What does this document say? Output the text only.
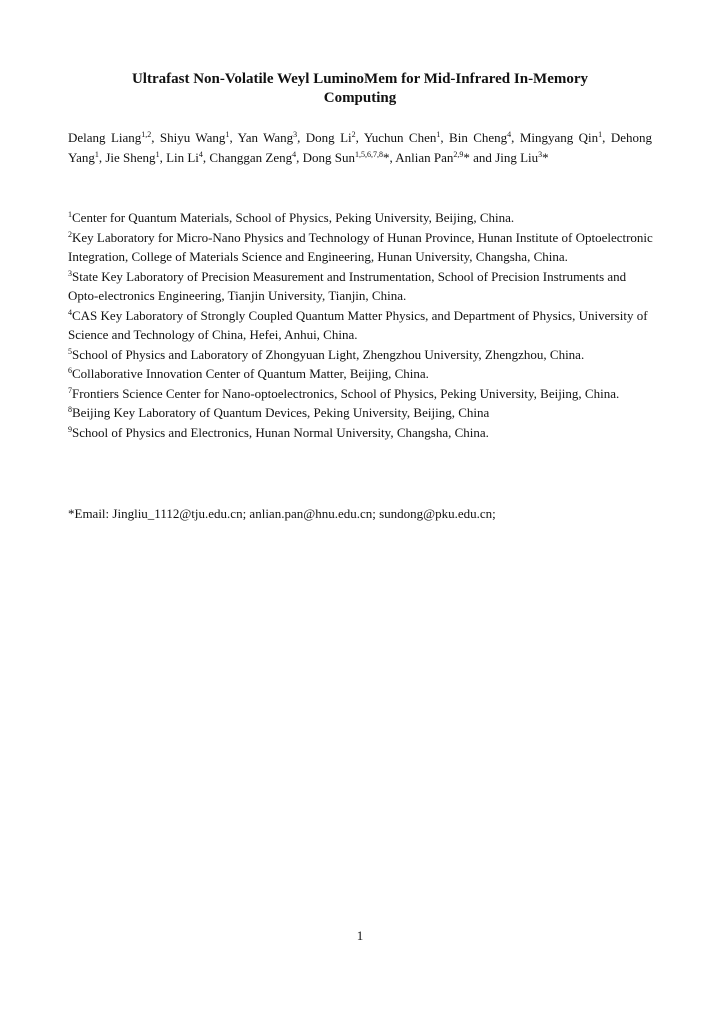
Ultrafast Non-Volatile Weyl LuminoMem for Mid-Infrared In-Memory
Computing
Delang Liang$^{1,2}$, Shiyu Wang$^1$, Yan Wang$^3$, Dong Li$^2$, Yuchun Chen$^1$, Bin Cheng$^4$, Mingyang Qin$^1$, Dehong Yang$^1$, Jie Sheng$^1$, Lin Li$^4$, Changgan Zeng$^4$, Dong Sun$^{1,5,6,7,8}$*, Anlian Pan$^{2,9}$* and Jing Liu$^3$*

$^1$Center for Quantum Materials, School of Physics, Peking University, Beijing, China.

$^2$Key Laboratory for Micro-Nano Physics and Technology of Hunan Province, Hunan Institute of Optoelectronic Integration, College of Materials Science and Engineering, Hunan University, Changsha, China.

$^3$State Key Laboratory of Precision Measurement and Instrumentation, School of Precision Instruments and Opto-electronics Engineering, Tianjin University, Tianjin, China.

$^4$CAS Key Laboratory of Strongly Coupled Quantum Matter Physics, and Department of Physics, University of Science and Technology of China, Hefei, Anhui, China.

$^5$School of Physics and Laboratory of Zhongyuan Light, Zhengzhou University, Zhengzhou, China.

$^6$Collaborative Innovation Center of Quantum Matter, Beijing, China.

$^7$Frontiers Science Center for Nano-optoelectronics, School of Physics, Peking University, Beijing, China.

$^8$Beijing Key Laboratory of Quantum Devices, Peking University, Beijing, China

$^9$School of Physics and Electronics, Hunan Normal University, Changsha, China.

*Email: Jingliu_1112@tju.edu.cn; anlian.pan@hnu.edu.cn; sundong@pku.edu.cn;
1
